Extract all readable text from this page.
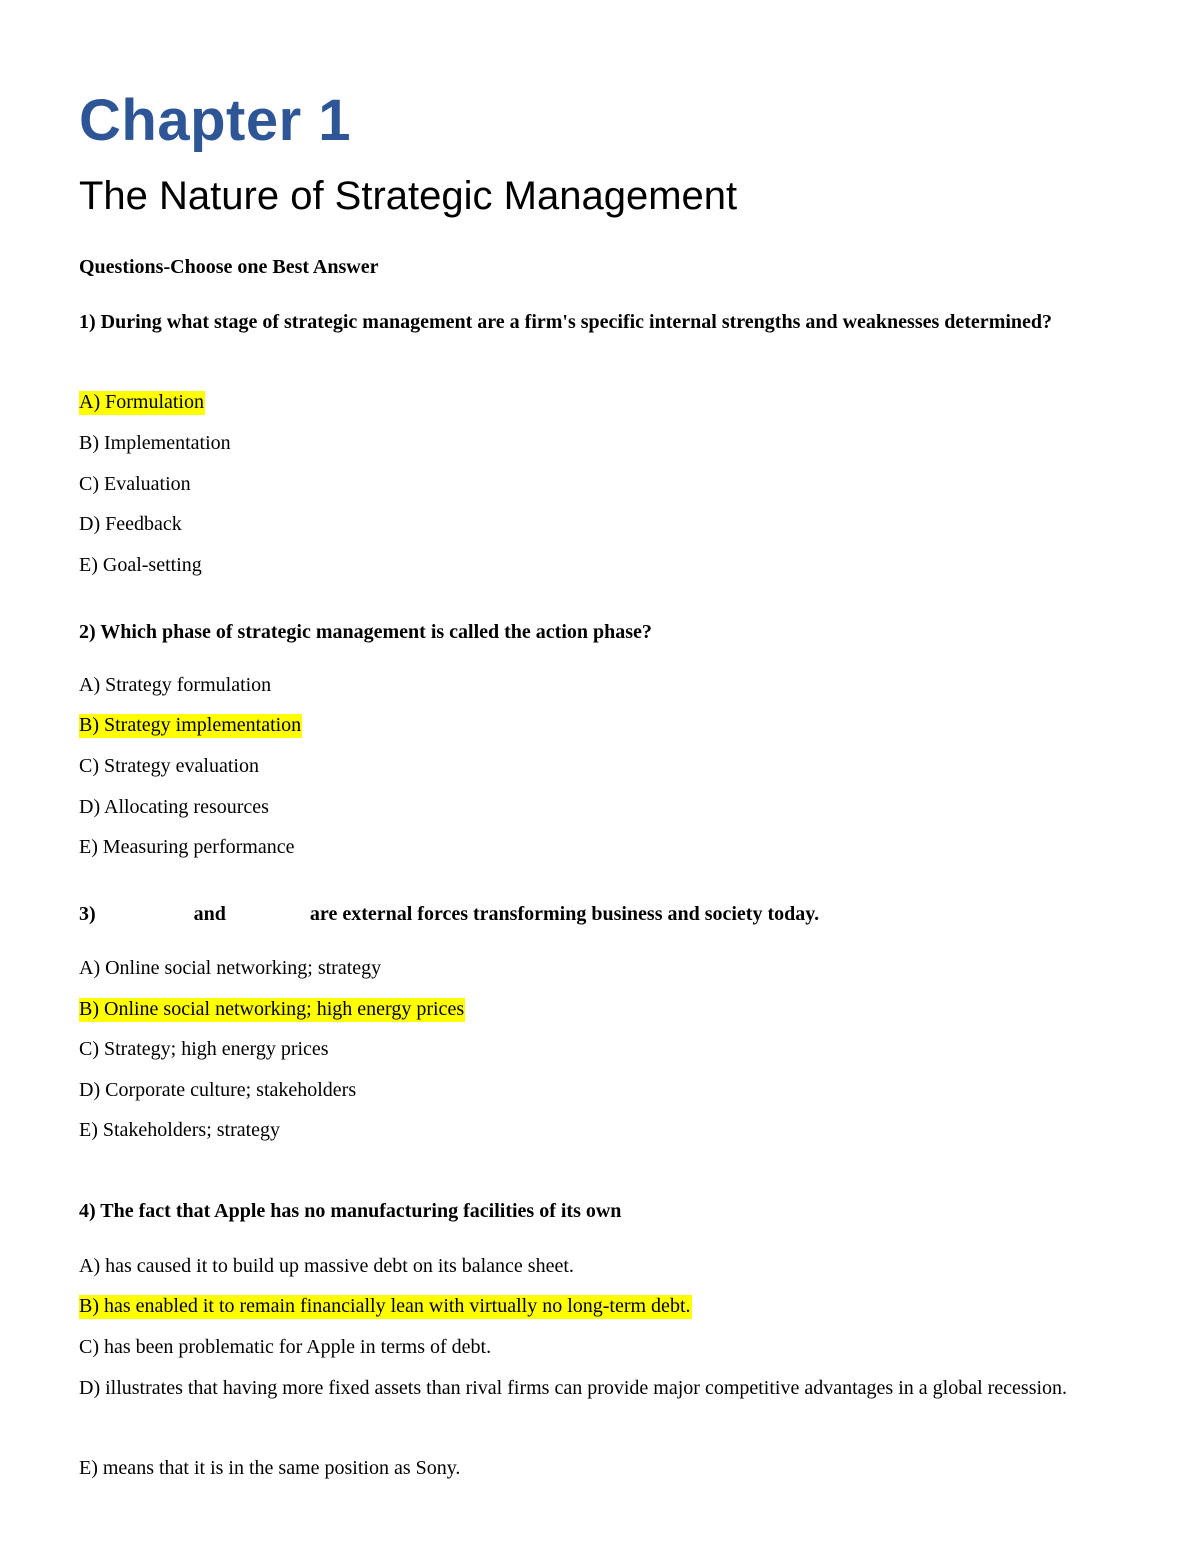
Chapter 1
The Nature of Strategic Management

Questions-Choose one Best Answer

1) During what stage of strategic management are a firm's specific internal strengths and weaknesses determined?

A) Formulation

B) Implementation

C) Evaluation

D) Feedback

E) Goal-setting

2) Which phase of strategic management is called the action phase?

A) Strategy formulation

B) Strategy implementation

C) Strategy evaluation

D) Allocating resources

E) Measuring performance

3)	and	are external forces transforming business and society today.

A) Online social networking; strategy

B) Online social networking; high energy prices

C) Strategy; high energy prices

D) Corporate culture; stakeholders

E) Stakeholders; strategy

4) The fact that Apple has no manufacturing facilities of its own

A) has caused it to build up massive debt on its balance sheet.

B) has enabled it to remain financially lean with virtually no long-term debt.

C) has been problematic for Apple in terms of debt.

D) illustrates that having more fixed assets than rival firms can provide major competitive advantages in a global recession.

E) means that it is in the same position as Sony.
